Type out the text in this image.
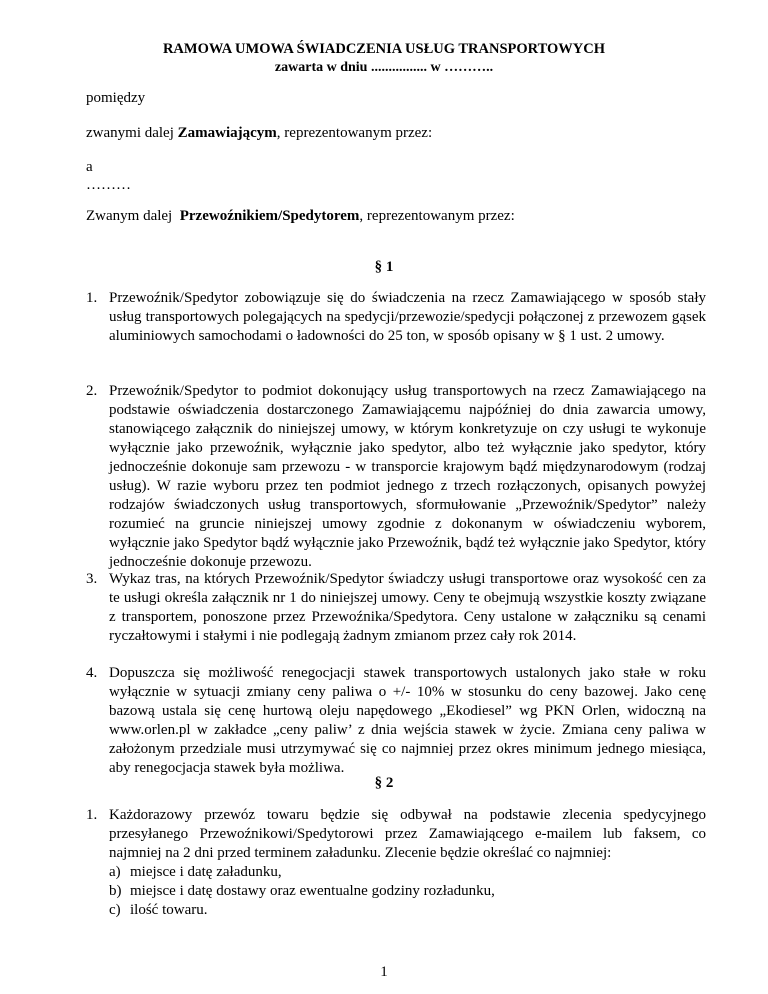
RAMOWA UMOWA ŚWIADCZENIA USŁUG TRANSPORTOWYCH
zawarta w dniu ................ w ………..
pomiędzy
zwanymi dalej Zamawiającym, reprezentowanym przez:
a
………
Zwanym dalej  Przewoźnikiem/Spedytorem, reprezentowanym przez:
§ 1
1. Przewoźnik/Spedytor zobowiązuje się do świadczenia na rzecz Zamawiającego w sposób stały usług transportowych polegających na spedycji/przewozie/spedycji połączonej z przewozem gąsek aluminiowych samochodami o ładowności do 25 ton, w sposób opisany w § 1 ust. 2 umowy.
2. Przewoźnik/Spedytor to podmiot dokonujący usług transportowych na rzecz Zamawiającego na podstawie oświadczenia dostarczonego Zamawiającemu najpóźniej do dnia zawarcia umowy, stanowiącego załącznik do niniejszej umowy, w którym konkretyzuje on czy usługi te wykonuje wyłącznie jako przewoźnik, wyłącznie jako spedytor, albo też wyłącznie jako spedytor, który jednocześnie dokonuje sam przewozu - w transporcie krajowym bądź międzynarodowym (rodzaj usług). W razie wyboru przez ten podmiot jednego z trzech rozłączonych, opisanych powyżej rodzajów świadczonych usług transportowych, sformułowanie „Przewoźnik/Spedytor” należy rozumieć na gruncie niniejszej umowy zgodnie z dokonanym w oświadczeniu wyborem, wyłącznie jako Spedytor bądź wyłącznie jako Przewoźnik, bądź też wyłącznie jako Spedytor, który jednocześnie dokonuje przewozu.
3. Wykaz tras, na których Przewoźnik/Spedytor świadczy usługi transportowe oraz wysokość cen za te usługi określa załącznik nr 1 do niniejszej umowy. Ceny te obejmują wszystkie koszty związane z transportem, ponoszone przez Przewoźnika/Spedytora. Ceny ustalone w załączniku są cenami ryczałtowymi i stałymi i nie podlegają żadnym zmianom przez cały rok 2014.
4. Dopuszcza się możliwość renegocjacji stawek transportowych ustalonych jako stałe w roku wyłącznie w sytuacji zmiany ceny paliwa o +/- 10% w stosunku do ceny bazowej. Jako cenę bazową ustala się cenę hurtową oleju napędowego „Ekodiesel” wg PKN Orlen, widoczną na www.orlen.pl w zakładce „ceny paliw’ z dnia wejścia stawek w życie. Zmiana ceny paliwa w założonym przedziale musi utrzymywać się co najmniej przez okres minimum jednego miesiąca, aby renegocjacja stawek była możliwa.
§ 2
1. Każdorazowy przewóz towaru będzie się odbywał na podstawie zlecenia spedycyjnego przesyłanego Przewoźnikowi/Spedytorowi przez Zamawiającego e-mailem lub faksem, co najmniej na 2 dni przed terminem załadunku. Zlecenie będzie określać co najmniej:
a) miejsce i datę załadunku,
b) miejsce i datę dostawy oraz ewentualne godziny rozładunku,
c) ilość towaru.
1
